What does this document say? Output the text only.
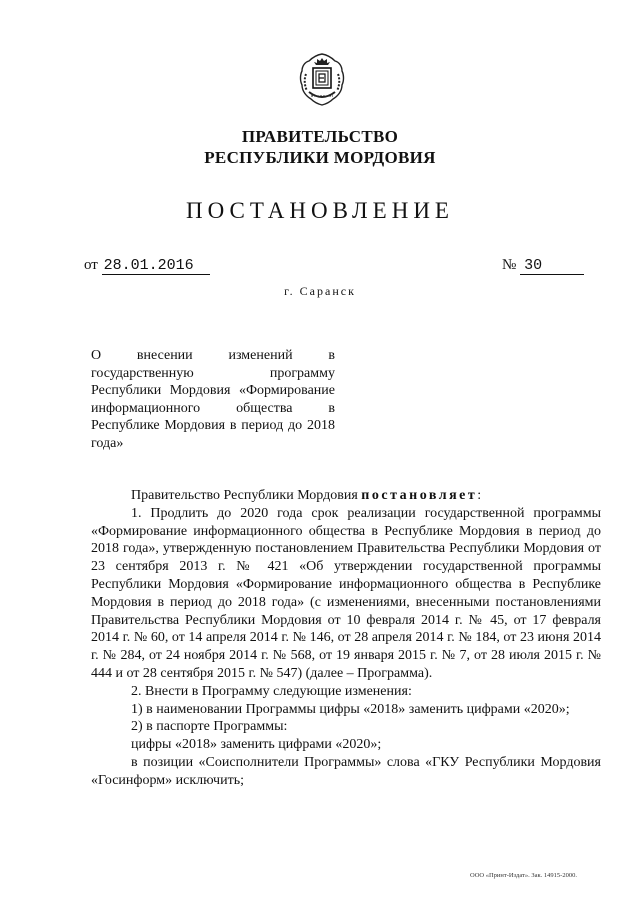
ПРАВИТЕЛЬСТВО
РЕСПУБЛИКИ МОРДОВИЯ
ПОСТАНОВЛЕНИЕ
от 28.01.2016	№ 30
г. Саранск
О внесении изменений в государственную программу Республики Мордовия «Формирование информационного общества в Республике Мордовия в период до 2018 года»

Правительство Республики Мордовия постановляет:

1. Продлить до 2020 года срок реализации государственной программы «Формирование информационного общества в Республике Мордовия в период до 2018 года», утвержденную постановлением Правительства Республики Мордовия от 23 сентября 2013 г. № 421 «Об утверждении государственной программы Республики Мордовия «Формирование информационного общества в Республике Мордовия в период до 2018 года» (с изменениями, внесенными постановлениями Правительства Республики Мордовия от 10 февраля 2014 г. № 45, от 17 февраля 2014 г. № 60, от 14 апреля 2014 г. № 146, от 28 апреля 2014 г. № 184, от 23 июня 2014 г. № 284, от 24 ноября 2014 г. № 568, от 19 января 2015 г. № 7, от 28 июля 2015 г. № 444 и от 28 сентября 2015 г. № 547) (далее – Программа).

2. Внести в Программу следующие изменения:

1) в наименовании Программы цифры «2018» заменить цифрами «2020»;

2) в паспорте Программы:

цифры «2018» заменить цифрами «2020»;

в позиции «Соисполнители Программы» слова «ГКУ Республики Мордовия «Госинформ» исключить;

ООО «Принт-Издат». Зак. 14915-2000.
